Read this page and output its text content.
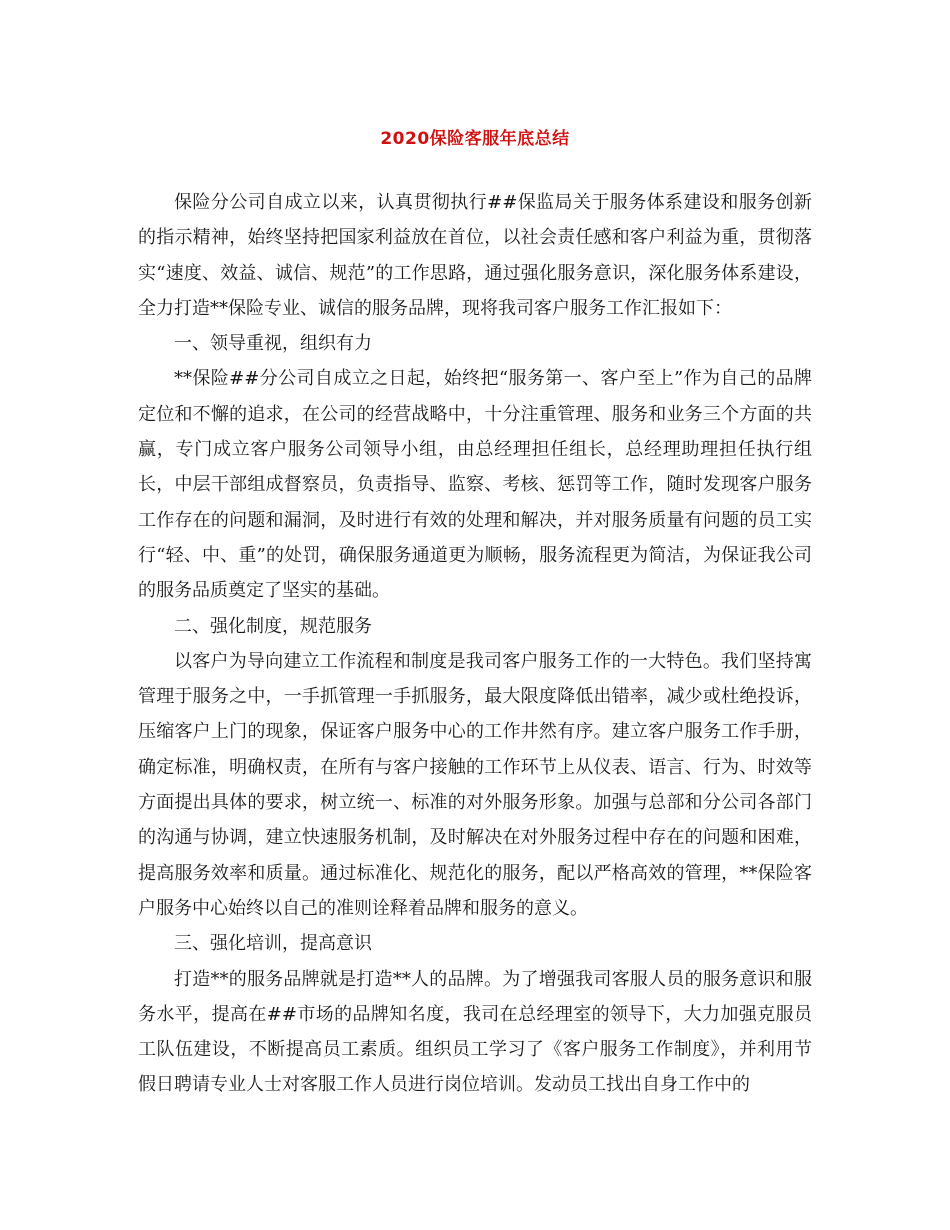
2020保险客服年底总结

保险分公司自成立以来，认真贯彻执行##保监局关于服务体系建设和服务创新的指示精神，始终坚持把国家利益放在首位，以社会责任感和客户利益为重，贯彻落实“速度、效益、诚信、规范”的工作思路，通过强化服务意识，深化服务体系建设，全力打造**保险专业、诚信的服务品牌，现将我司客户服务工作汇报如下：

一、领导重视，组织有力

**保险##分公司自成立之日起，始终把“服务第一、客户至上”作为自己的品牌定位和不懈的追求，在公司的经营战略中，十分注重管理、服务和业务三个方面的共赢，专门成立客户服务公司领导小组，由总经理担任组长，总经理助理担任执行组长，中层干部组成督察员，负责指导、监察、考核、惩罚等工作，随时发现客户服务工作存在的问题和漏洞，及时进行有效的处理和解决，并对服务质量有问题的员工实行“轻、中、重”的处罚，确保服务通道更为顺畅，服务流程更为简洁，为保证我公司的服务品质奠定了坚实的基础。

二、强化制度，规范服务

以客户为导向建立工作流程和制度是我司客户服务工作的一大特色。我们坚持寓管理于服务之中，一手抓管理一手抓服务，最大限度降低出错率，减少或杜绝投诉，压缩客户上门的现象，保证客户服务中心的工作井然有序。建立客户服务工作手册，确定标准，明确权责，在所有与客户接触的工作环节上从仪表、语言、行为、时效等方面提出具体的要求，树立统一、标准的对外服务形象。加强与总部和分公司各部门的沟通与协调，建立快速服务机制，及时解决在对外服务过程中存在的问题和困难，提高服务效率和质量。通过标准化、规范化的服务，配以严格高效的管理，**保险客户服务中心始终以自己的准则诠释着品牌和服务的意义。

三、强化培训，提高意识

打造**的服务品牌就是打造**人的品牌。为了增强我司客服人员的服务意识和服务水平，提高在##市场的品牌知名度，我司在总经理室的领导下，大力加强克服员工队伍建设，不断提高员工素质。组织员工学习了《客户服务工作制度》，并利用节假日聘请专业人士对客服工作人员进行岗位培训。发动员工找出自身工作中的
